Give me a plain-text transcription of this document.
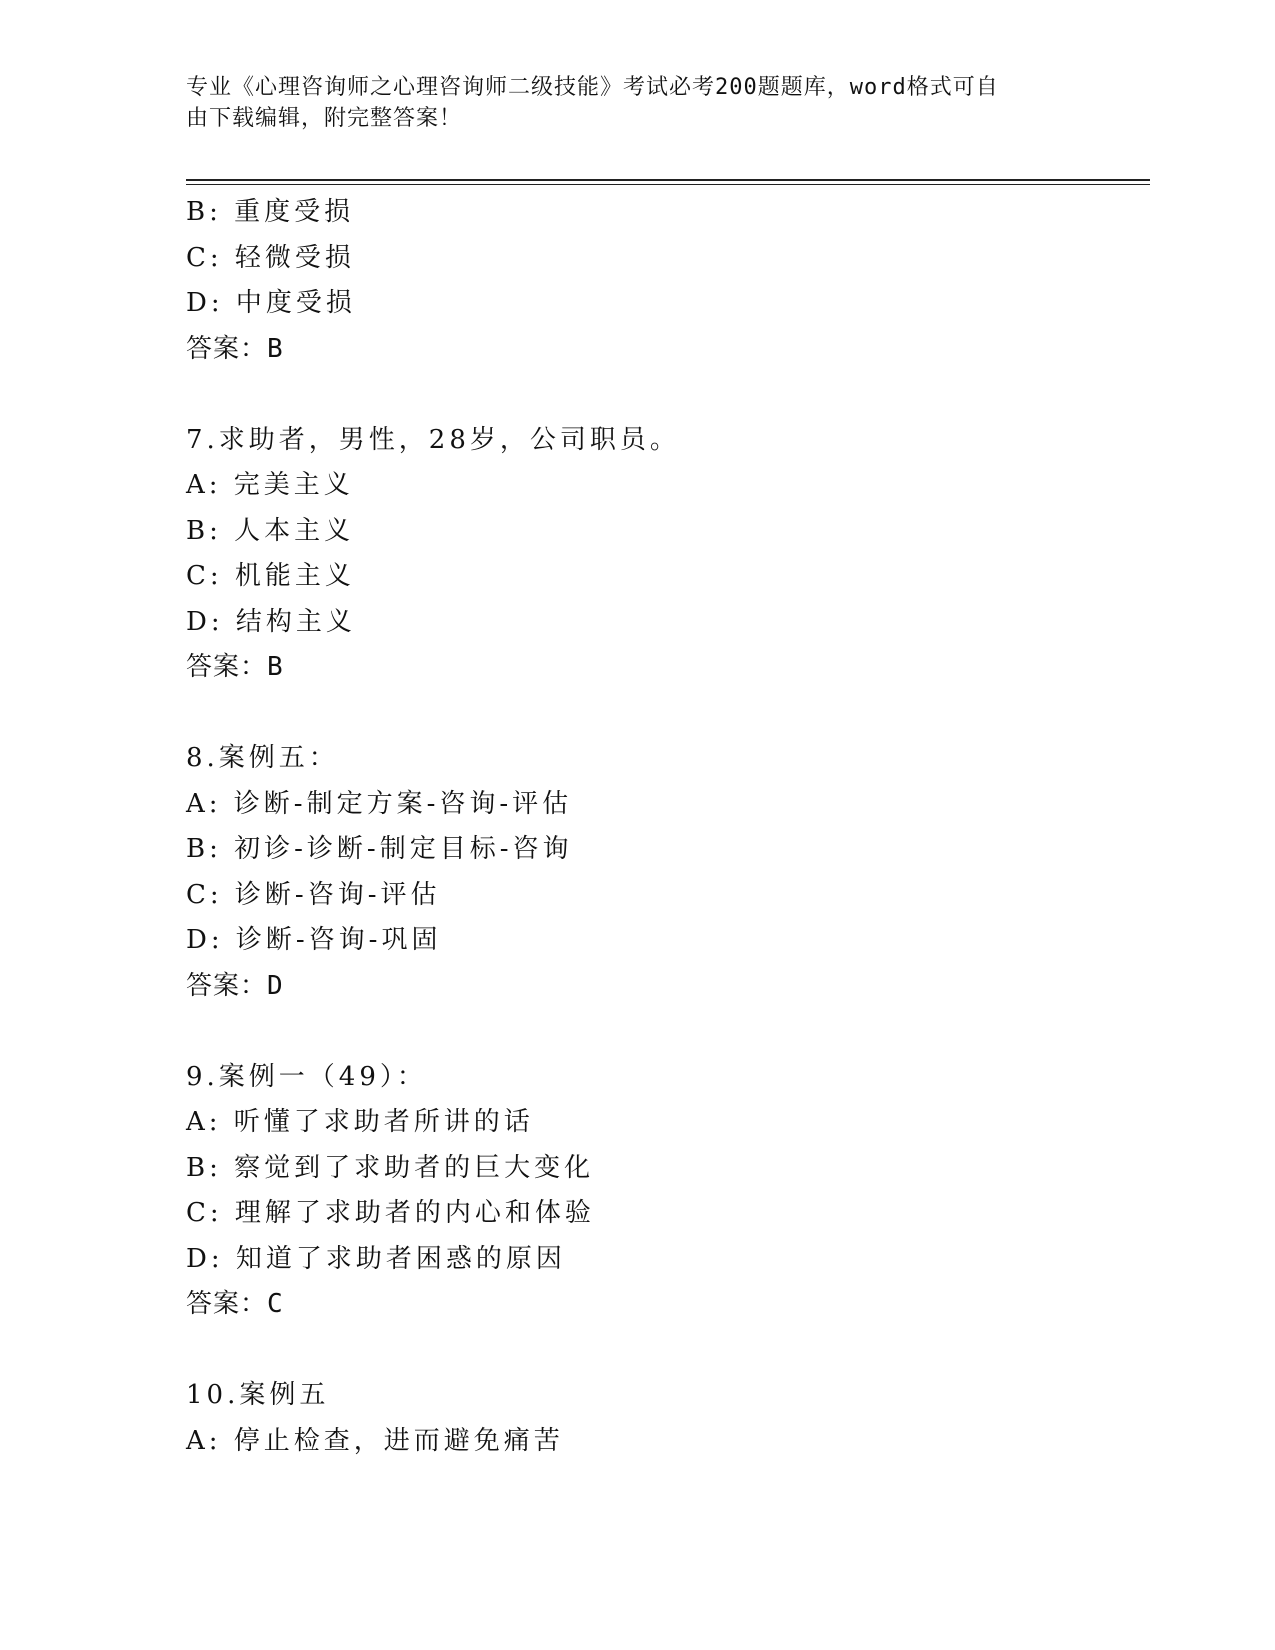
专业《心理咨询师之心理咨询师二级技能》考试必考200题题库，word格式可自
由下载编辑，附完整答案！
B: 重度受损
C: 轻微受损
D: 中度受损
答案：B
7.求助者，男性，28岁，公司职员。
A: 完美主义
B: 人本主义
C: 机能主义
D: 结构主义
答案：B
8.案例五：
A: 诊断-制定方案-咨询-评估
B: 初诊-诊断-制定目标-咨询
C: 诊断-咨询-评估
D: 诊断-咨询-巩固
答案：D
9.案例一（49）：
A: 听懂了求助者所讲的话
B: 察觉到了求助者的巨大变化
C: 理解了求助者的内心和体验
D: 知道了求助者困惑的原因
答案：C
10.案例五
A: 停止检查，进而避免痛苦
